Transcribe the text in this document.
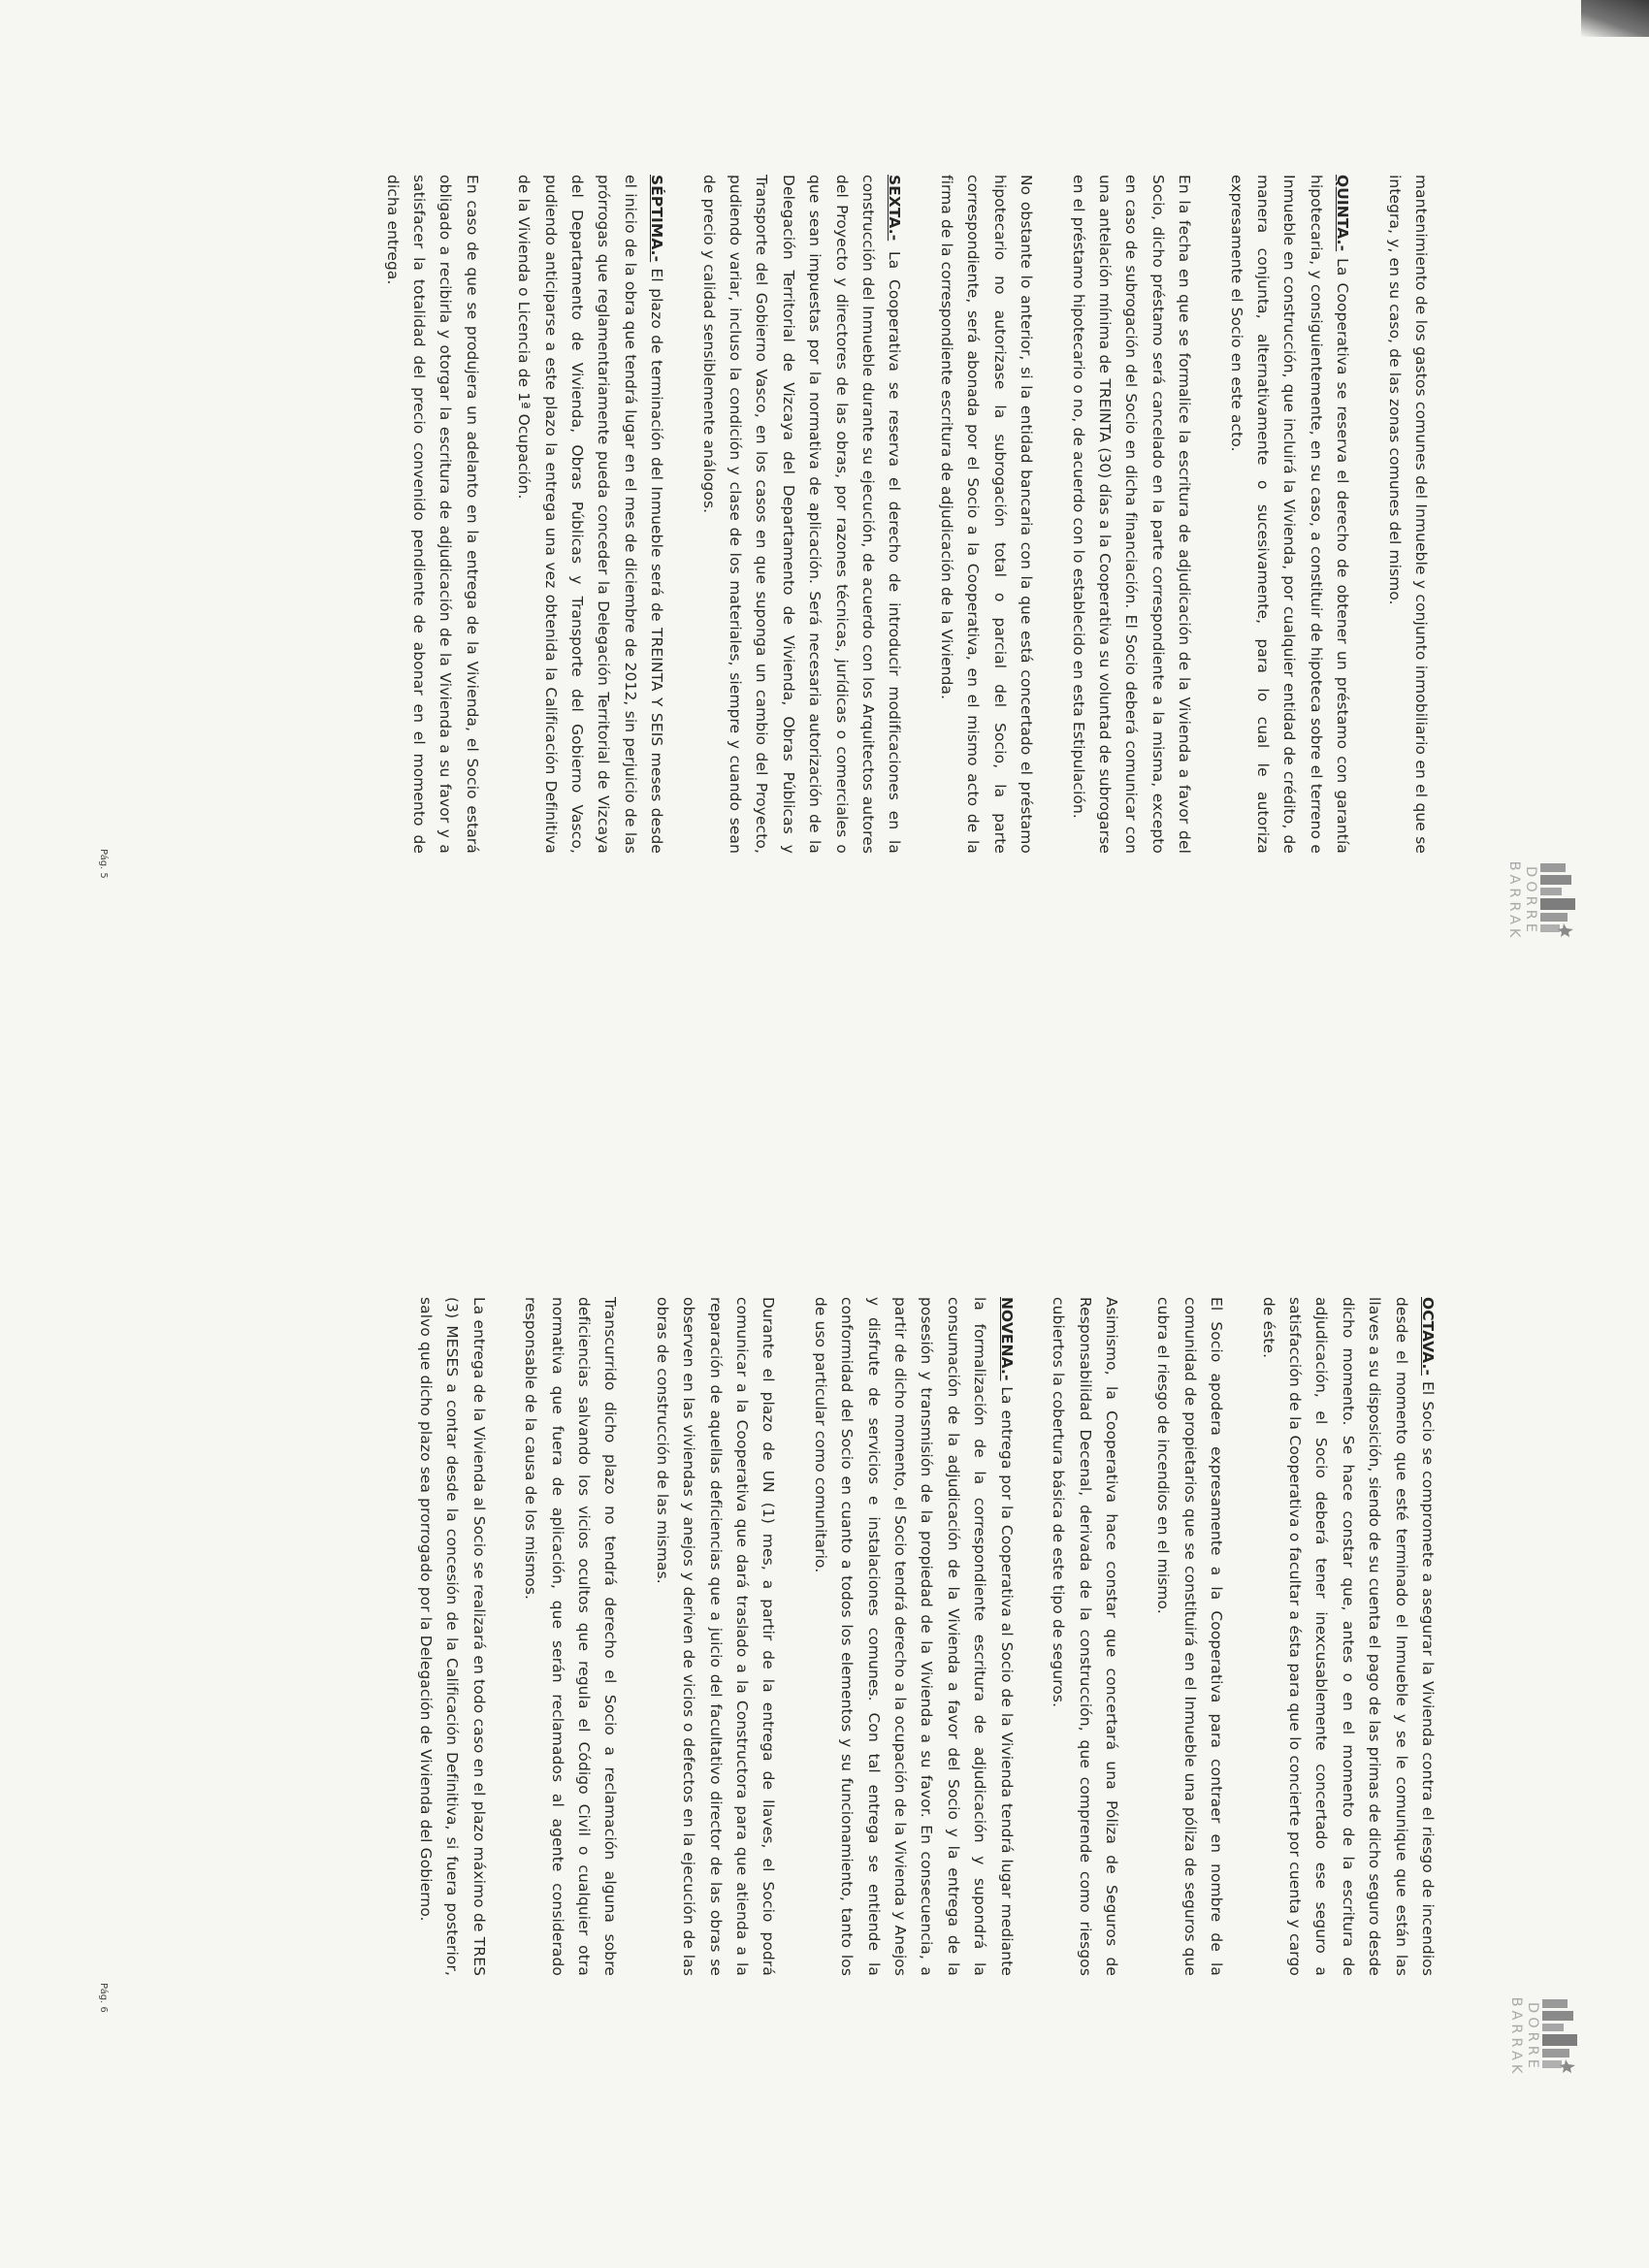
DORRE
BARRAK

mantenimiento de los gastos comunes del Inmueble y conjunto inmobiliario en el que se integra, y, en su caso, de las zonas comunes del mismo.

QUINTA.- La Cooperativa se reserva el derecho de obtener un préstamo con garantía hipotecaria, y consiguientemente, en su caso, a constituir de hipoteca sobre el terreno e Inmueble en construcción, que incluirá la Vivienda, por cualquier entidad de crédito, de manera conjunta, alternativamente o sucesivamente, para lo cual le autoriza expresamente el Socio en este acto.

En la fecha en que se formalice la escritura de adjudicación de la Vivienda a favor del Socio, dicho préstamo será cancelado en la parte correspondiente a la misma, excepto en caso de subrogación del Socio en dicha financiación. El Socio deberá comunicar con una antelación mínima de TREINTA (30) días a la Cooperativa su voluntad de subrogarse en el préstamo hipotecario o no, de acuerdo con lo establecido en esta Estipulación.

No obstante lo anterior, si la entidad bancaria con la que está concertado el préstamo hipotecario no autorizase la subrogación total o parcial del Socio, la parte correspondiente, será abonada por el Socio a la Cooperativa, en el mismo acto de la firma de la correspondiente escritura de adjudicación de la Vivienda.

SEXTA.- La Cooperativa se reserva el derecho de introducir modificaciones en la construcción del Inmueble durante su ejecución, de acuerdo con los Arquitectos autores del Proyecto y directores de las obras, por razones técnicas, jurídicas o comerciales o que sean impuestas por la normativa de aplicación. Será necesaria autorización de la Delegación Territorial de Vizcaya del Departamento de Vivienda, Obras Públicas y Transporte del Gobierno Vasco, en los casos en que suponga un cambio del Proyecto, pudiendo variar, incluso la condición y clase de los materiales, siempre y cuando sean de precio y calidad sensiblemente análogos.

SÉPTIMA.- El plazo de terminación del Inmueble será de TREINTA Y SEIS meses desde el inicio de la obra que tendrá lugar en el mes de diciembre de 2012, sin perjuicio de las prórrogas que reglamentariamente pueda conceder la Delegación Territorial de Vizcaya del Departamento de Vivienda, Obras Públicas y Transporte del Gobierno Vasco, pudiendo anticiparse a este plazo la entrega una vez obtenida la Calificación Definitiva de la Vivienda o Licencia de 1ª Ocupación.

En caso de que se produjera un adelanto en la entrega de la Vivienda, el Socio estará obligado a recibirla y otorgar la escritura de adjudicación de la Vivienda a su favor y a satisfacer la totalidad del precio convenido pendiente de abonar en el momento de dicha entrega.

Pág. 5
DORRE
BARRAK

OCTAVA.- El Socio se compromete a asegurar la Vivienda contra el riesgo de incendios desde el momento que esté terminado el Inmueble y se le comunique que están las llaves a su disposición, siendo de su cuenta el pago de las primas de dicho seguro desde dicho momento. Se hace constar que, antes o en el momento de la escritura de adjudicación, el Socio deberá tener inexcusablemente concertado ese seguro a satisfacción de la Cooperativa o facultar a ésta para que lo concierte por cuenta y cargo de éste.

El Socio apodera expresamente a la Cooperativa para contraer en nombre de la comunidad de propietarios que se constituirá en el Inmueble una póliza de seguros que cubra el riesgo de incendios en el mismo.

Asimismo, la Cooperativa hace constar que concertará una Póliza de Seguros de Responsabilidad Decenal, derivada de la construcción, que comprende como riesgos cubiertos la cobertura básica de este tipo de seguros.

NOVENA.- La entrega por la Cooperativa al Socio de la Vivienda tendrá lugar mediante la formalización de la correspondiente escritura de adjudicación y supondrá la consumación de la adjudicación de la Vivienda a favor del Socio y la entrega de la posesión y transmisión de la propiedad de la Vivienda a su favor. En consecuencia, a partir de dicho momento, el Socio tendrá derecho a la ocupación de la Vivienda y Anejos y disfrute de servicios e instalaciones comunes. Con tal entrega se entiende la conformidad del Socio en cuanto a todos los elementos y su funcionamiento, tanto los de uso particular como comunitario.

Durante el plazo de UN (1) mes, a partir de la entrega de llaves, el Socio podrá comunicar a la Cooperativa que dará traslado a la Constructora para que atienda a la reparación de aquellas deficiencias que a juicio del facultativo director de las obras se observen en las viviendas y anejos y deriven de vicios o defectos en la ejecución de las obras de construcción de las mismas.

Transcurrido dicho plazo no tendrá derecho el Socio a reclamación alguna sobre deficiencias salvando los vicios ocultos que regula el Código Civil o cualquier otra normativa que fuera de aplicación, que serán reclamados al agente considerado responsable de la causa de los mismos.

La entrega de la Vivienda al Socio se realizará en todo caso en el plazo máximo de TRES (3) MESES a contar desde la concesión de la Calificación Definitiva, si fuera posterior, salvo que dicho plazo sea prorrogado por la Delegación de Vivienda del Gobierno.

Pág. 6
